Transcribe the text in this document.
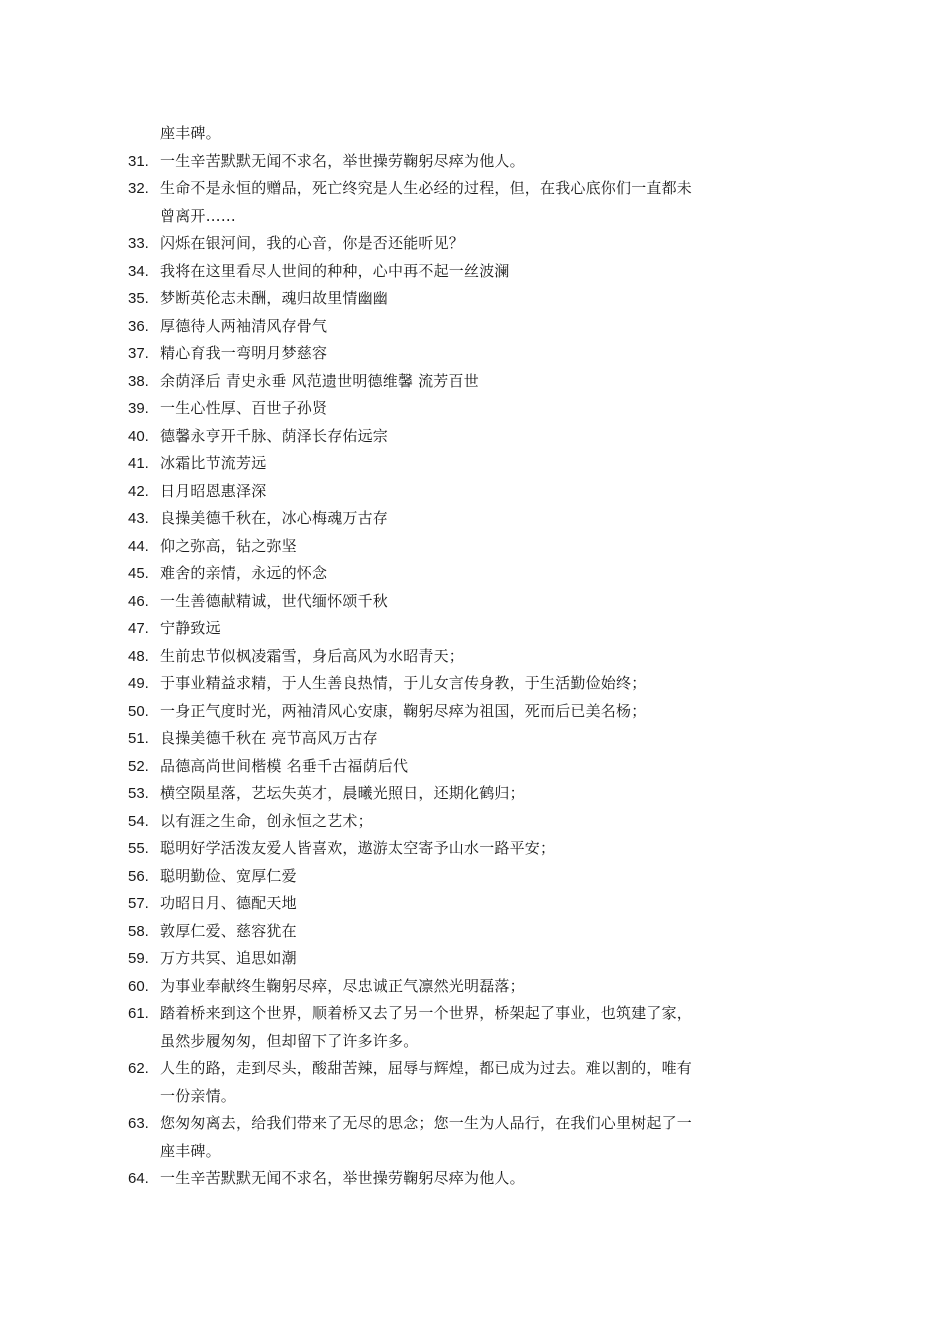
座丰碑。
31. 一生辛苦默默无闻不求名，举世操劳鞠躬尽瘁为他人。
32. 生命不是永恒的赠品，死亡终究是人生必经的过程，但，在我心底你们一直都未
曾离开……
33. 闪烁在银河间，我的心音，你是否还能听见？
34. 我将在这里看尽人世间的种种，心中再不起一丝波澜
35. 梦断英伦志未酬，魂归故里情幽幽
36. 厚德待人两袖清风存骨气
37. 精心育我一弯明月梦慈容
38. 余荫泽后 青史永垂 风范遗世明德维馨 流芳百世
39. 一生心性厚、百世子孙贤
40. 德馨永亨开千脉、荫泽长存佑远宗
41. 冰霜比节流芳远
42. 日月昭恩惠泽深
43. 良操美德千秋在，冰心梅魂万古存
44. 仰之弥高，钻之弥坚
45. 难舍的亲情，永远的怀念
46. 一生善德献精诚，世代缅怀颂千秋
47. 宁静致远
48. 生前忠节似枫凌霜雪，身后高风为水昭青天；
49. 于事业精益求精，于人生善良热情，于儿女言传身教，于生活勤俭始终；
50. 一身正气度时光，两袖清风心安康，鞠躬尽瘁为祖国，死而后已美名杨；
51. 良操美德千秋在 亮节高风万古存
52. 品德高尚世间楷模 名垂千古福荫后代
53. 横空陨星落，艺坛失英才，晨曦光照日，还期化鹤归；
54. 以有涯之生命，创永恒之艺术；
55. 聪明好学活泼友爱人皆喜欢，遨游太空寄予山水一路平安；
56. 聪明勤俭、宽厚仁爱
57. 功昭日月、德配天地
58. 敦厚仁爱、慈容犹在
59. 万方共冥、追思如潮
60. 为事业奉献终生鞠躬尽瘁，尽忠诚正气凛然光明磊落；
61. 踏着桥来到这个世界，顺着桥又去了另一个世界，桥架起了事业，也筑建了家，
虽然步履匆匆，但却留下了许多许多。
62. 人生的路，走到尽头，酸甜苦辣，屈辱与辉煌，都已成为过去。难以割的，唯有
一份亲情。
63. 您匆匆离去，给我们带来了无尽的思念；您一生为人品行，在我们心里树起了一
座丰碑。
64. 一生辛苦默默无闻不求名，举世操劳鞠躬尽瘁为他人。
